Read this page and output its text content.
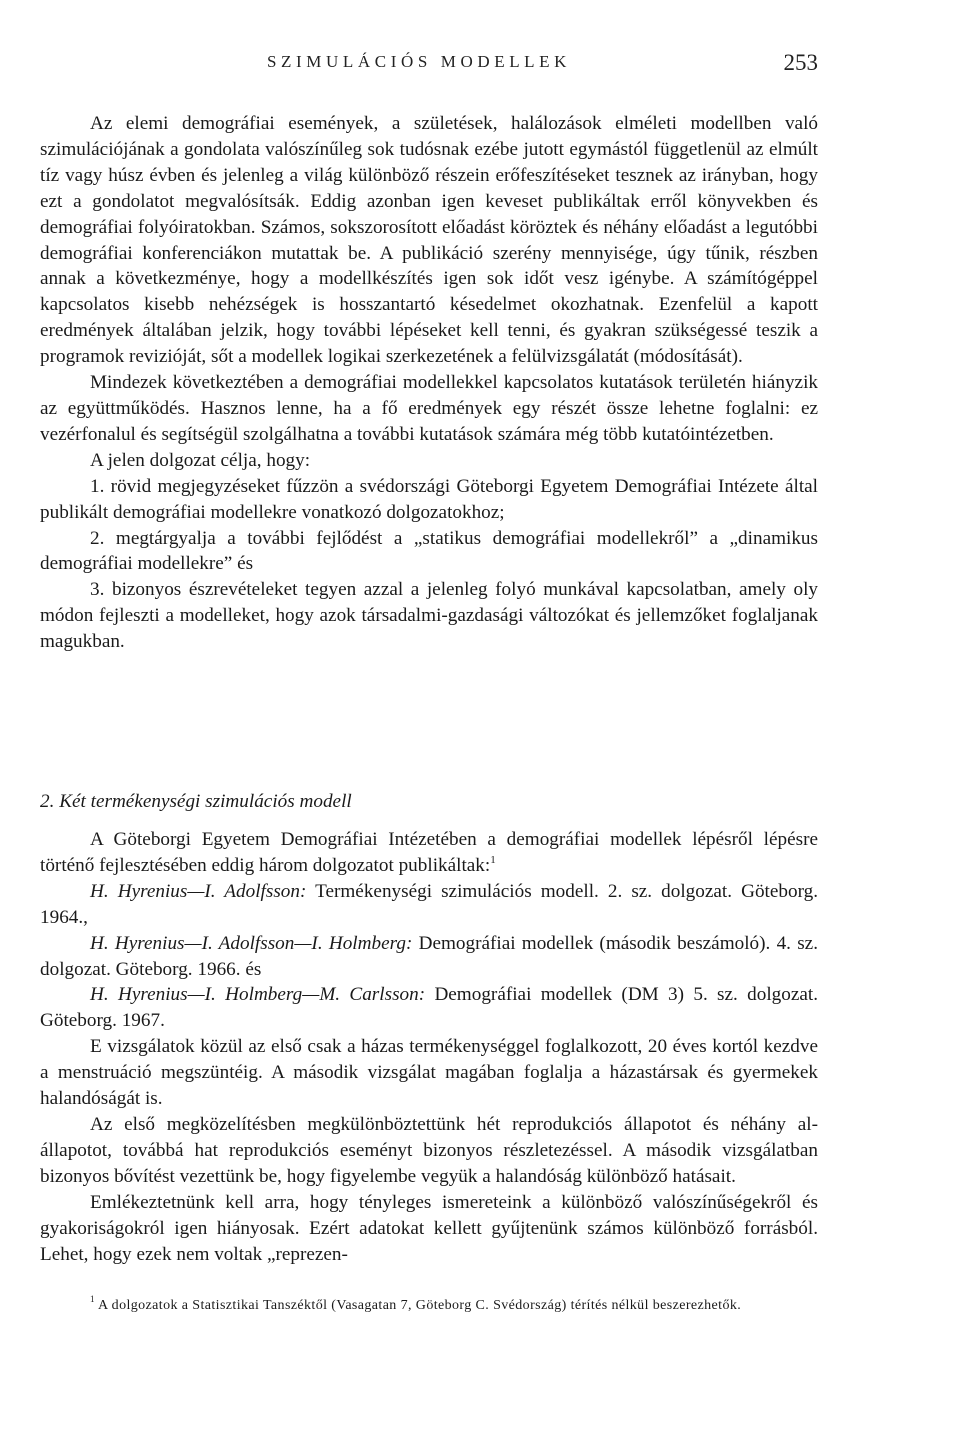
SZIMULÁCIÓS MODELLEK	253

Az elemi demográfiai események, a születések, halálozások elméleti modellben való szimulációjának a gondolata valószínűleg sok tudósnak ezébe jutott egymástól függetlenül az elmúlt tíz vagy húsz évben és jelenleg a világ különböző részein erőfeszítéseket tesznek az irányban, hogy ezt a gondolatot megvalósítsák. Eddig azonban igen keveset publikáltak erről könyvekben és demográfiai folyóiratokban. Számos, sokszorosított előadást köröztek és néhány előadást a legutóbbi demográfiai konferenciákon mutattak be. A publikáció szerény mennyisége, úgy tűnik, részben annak a következménye, hogy a modellkészítés igen sok időt vesz igénybe. A számítógéppel kapcsolatos kisebb nehézségek is hosszantartó késedelmet okozhatnak. Ezenfelül a kapott eredmények általában jelzik, hogy további lépéseket kell tenni, és gyakran szükségessé teszik a programok revizióját, sőt a modellek logikai szerkezetének a felülvizsgálatát (módosítását).

Mindezek következtében a demográfiai modellekkel kapcsolatos kutatások területén hiányzik az együttműködés. Hasznos lenne, ha a fő eredmények egy részét össze lehetne foglalni: ez vezérfonalul és segítségül szolgálhatna a további kutatások számára még több kutatóintézetben.

A jelen dolgozat célja, hogy:

1. rövid megjegyzéseket fűzzön a svédországi Göteborgi Egyetem Demográfiai Intézete által publikált demográfiai modellekre vonatkozó dolgozatokhoz;

2. megtárgyalja a további fejlődést a „statikus demográfiai modellekről” a „dinamikus demográfiai modellekre” és

3. bizonyos észrevételeket tegyen azzal a jelenleg folyó munkával kapcsolatban, amely oly módon fejleszti a modelleket, hogy azok társadalmi-gazdasági változókat és jellemzőket foglaljanak magukban.

2. Két termékenységi szimulációs modell

A Göteborgi Egyetem Demográfiai Intézetében a demográfiai modellek lépésről lépésre történő fejlesztésében eddig három dolgozatot publikáltak:$^1$

H. Hyrenius—I. Adolfsson: Termékenységi szimulációs modell. 2. sz. dolgozat. Göteborg. 1964.,

H. Hyrenius—I. Adolfsson—I. Holmberg: Demográfiai modellek (második beszámoló). 4. sz. dolgozat. Göteborg. 1966. és

H. Hyrenius—I. Holmberg—M. Carlsson: Demográfiai modellek (DM 3) 5. sz. dolgozat. Göteborg. 1967.

E vizsgálatok közül az első csak a házas termékenységgel foglalkozott, 20 éves kortól kezdve a menstruáció megszüntéig. A második vizsgálat magában foglalja a házastársak és gyermekek halandóságát is.

Az első megközelítésben megkülönböztettünk hét reprodukciós állapotot és néhány al-állapotot, továbbá hat reprodukciós eseményt bizonyos részletezéssel. A második vizsgálatban bizonyos bővítést vezettünk be, hogy figyelembe vegyük a halandóság különböző hatásait.

Emlékeztetnünk kell arra, hogy tényleges ismereteink a különböző valószínűségekről és gyakoriságokról igen hiányosak. Ezért adatokat kellett gyűjtenünk számos különböző forrásból. Lehet, hogy ezek nem voltak „reprezen-

$^1$ A dolgozatok a Statisztikai Tanszéktől (Vasagatan 7, Göteborg C. Svédország) térítés nélkül beszerezhetők.
